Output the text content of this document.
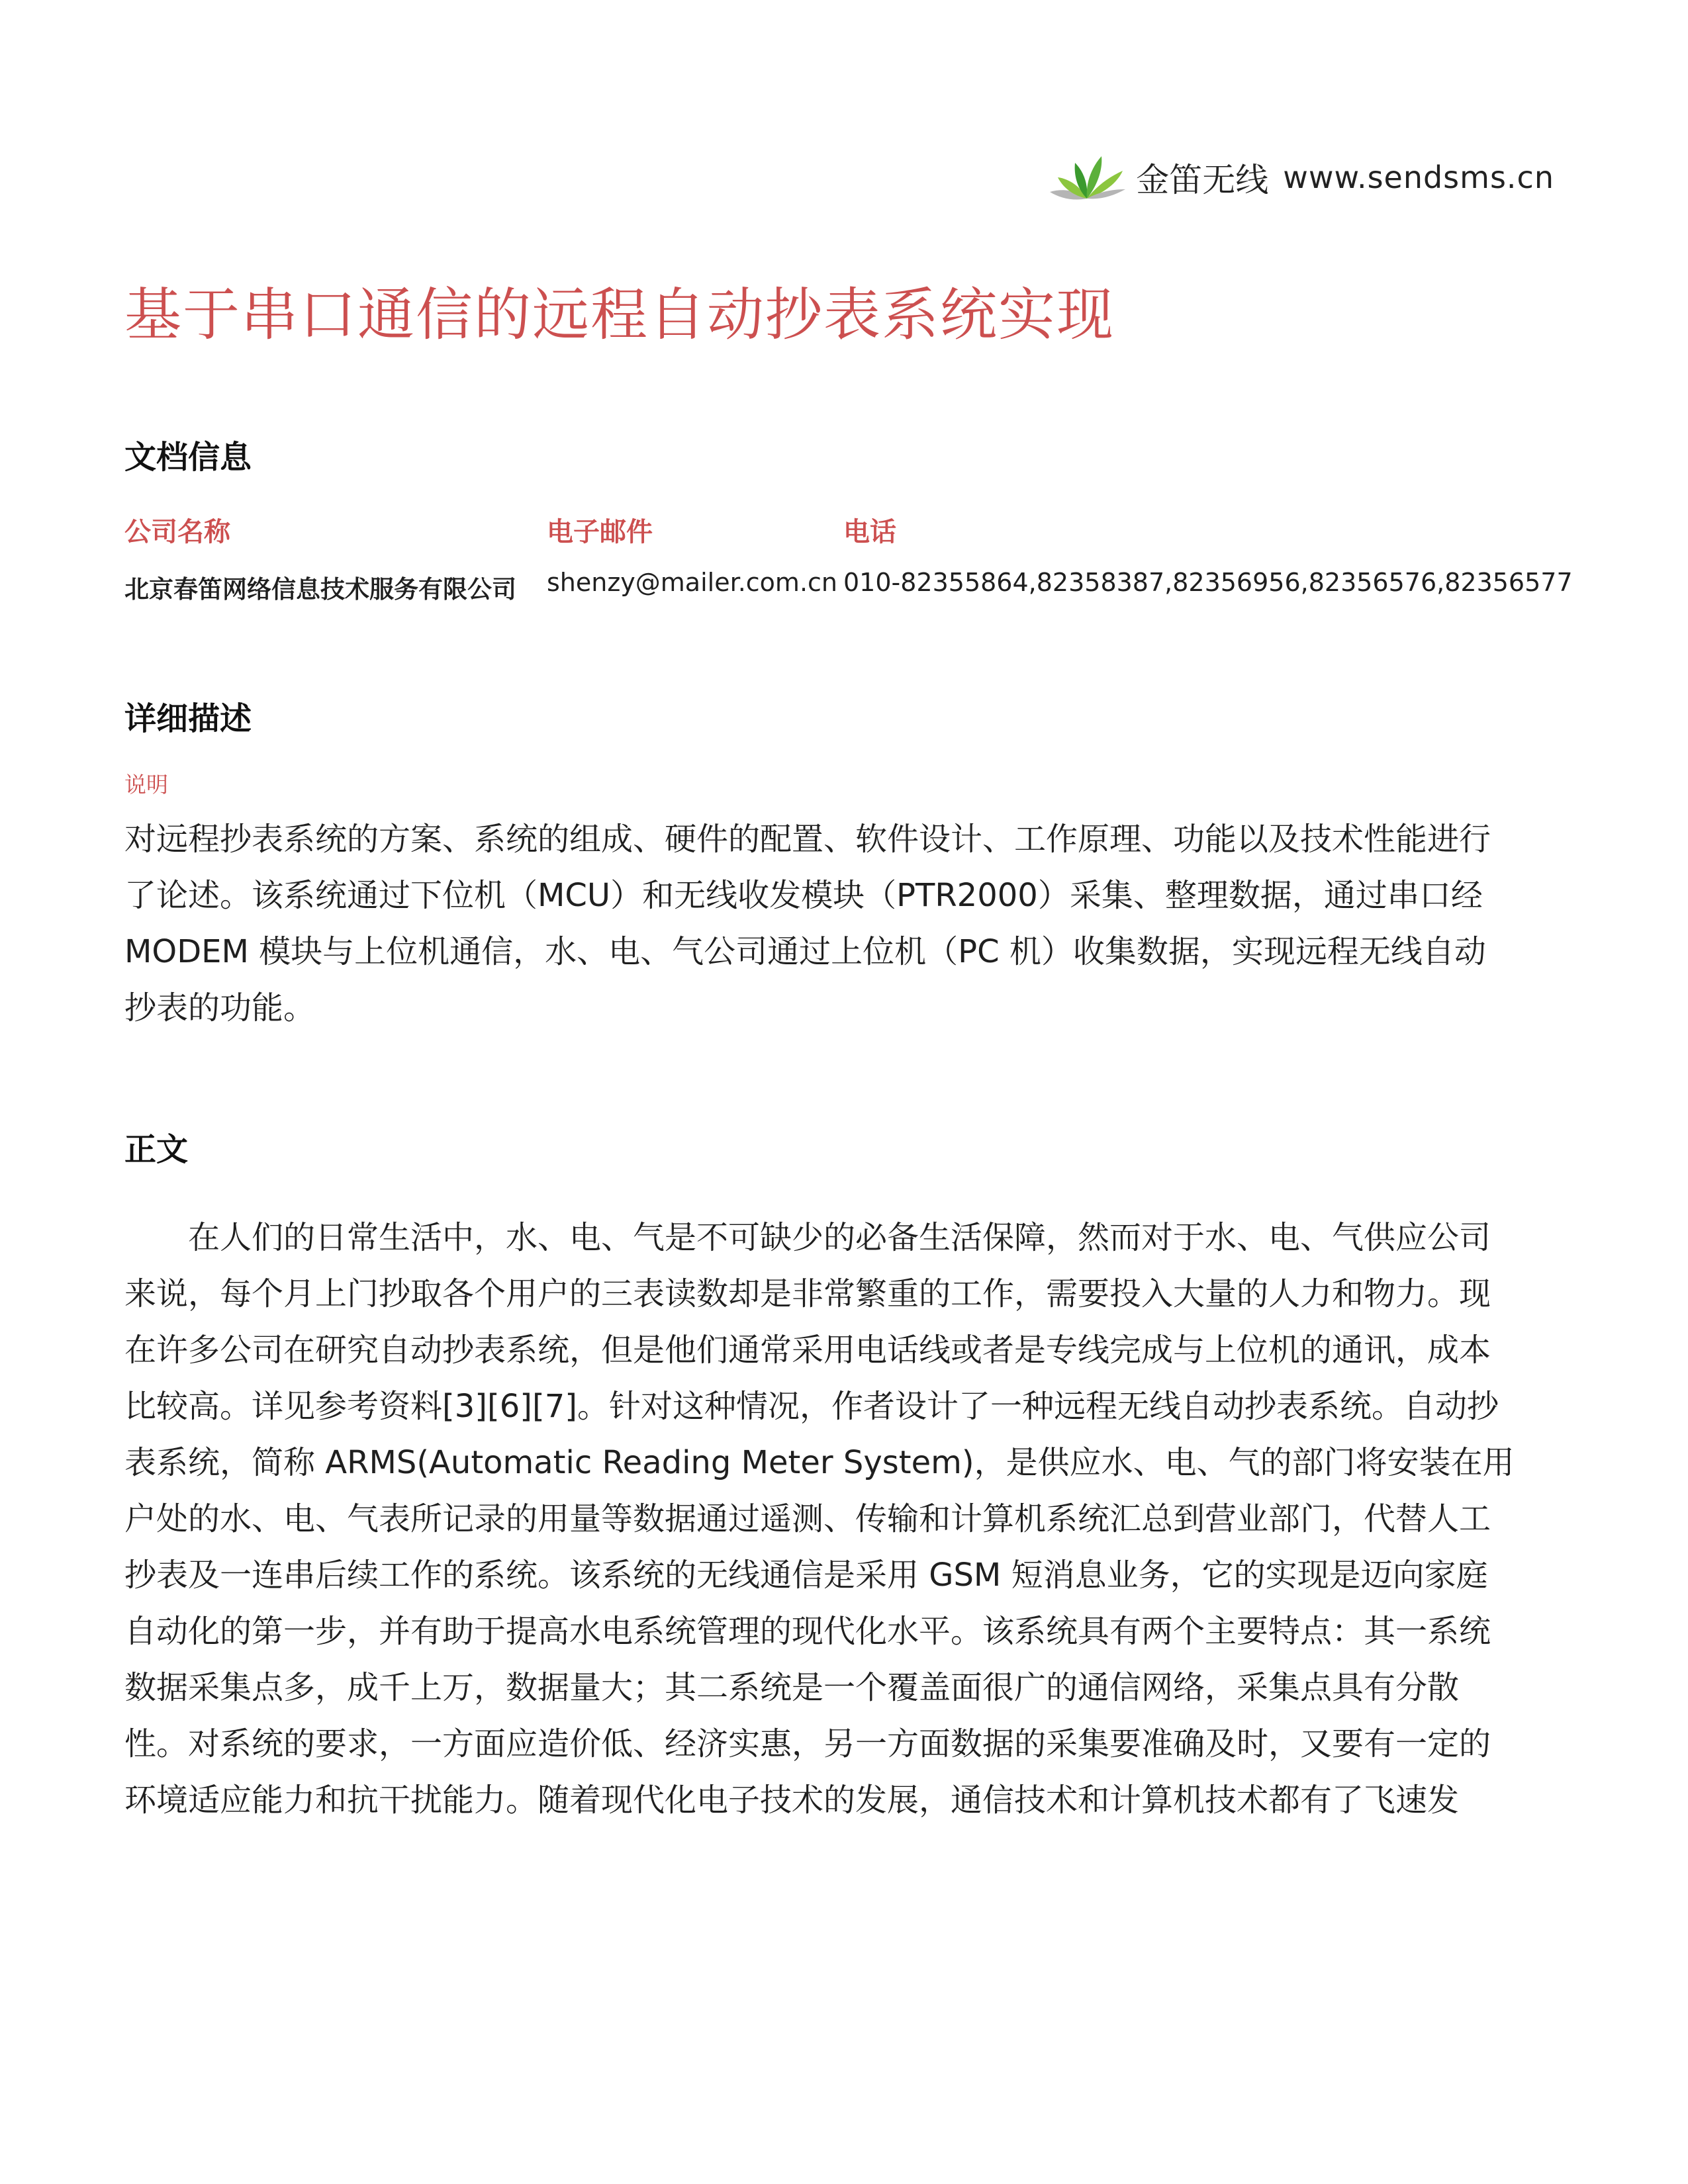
金笛无线 www.sendsms.cn
基于串口通信的远程自动抄表系统实现
文档信息
公司名称	电子邮件	电话
北京春笛网络信息技术服务有限公司 shenzy@mailer.com.cn 010-82355864,82358387,82356956,82356576,82356577
详细描述
说明
对远程抄表系统的方案、系统的组成、硬件的配置、软件设计、工作原理、功能以及技术性能进行
了论述。该系统通过下位机（MCU）和无线收发模块（PTR2000）采集、整理数据，通过串口经
MODEM 模块与上位机通信，水、电、气公司通过上位机（PC 机）收集数据，实现远程无线自动
抄表的功能。
正文
在人们的日常生活中，水、电、气是不可缺少的必备生活保障，然而对于水、电、气供应公司
来说，每个月上门抄取各个用户的三表读数却是非常繁重的工作，需要投入大量的人力和物力。现
在许多公司在研究自动抄表系统，但是他们通常采用电话线或者是专线完成与上位机的通讯，成本
比较高。详见参考资料[3][6][7]。针对这种情况，作者设计了一种远程无线自动抄表系统。自动抄
表系统，简称 ARMS(Automatic Reading Meter System)，是供应水、电、气的部门将安装在用
户处的水、电、气表所记录的用量等数据通过遥测、传输和计算机系统汇总到营业部门，代替人工
抄表及一连串后续工作的系统。该系统的无线通信是采用 GSM 短消息业务，它的实现是迈向家庭
自动化的第一步，并有助于提高水电系统管理的现代化水平。该系统具有两个主要特点：其一系统
数据采集点多，成千上万，数据量大；其二系统是一个覆盖面很广的通信网络，采集点具有分散
性。对系统的要求，一方面应造价低、经济实惠，另一方面数据的采集要准确及时，又要有一定的
环境适应能力和抗干扰能力。随着现代化电子技术的发展，通信技术和计算机技术都有了飞速发
